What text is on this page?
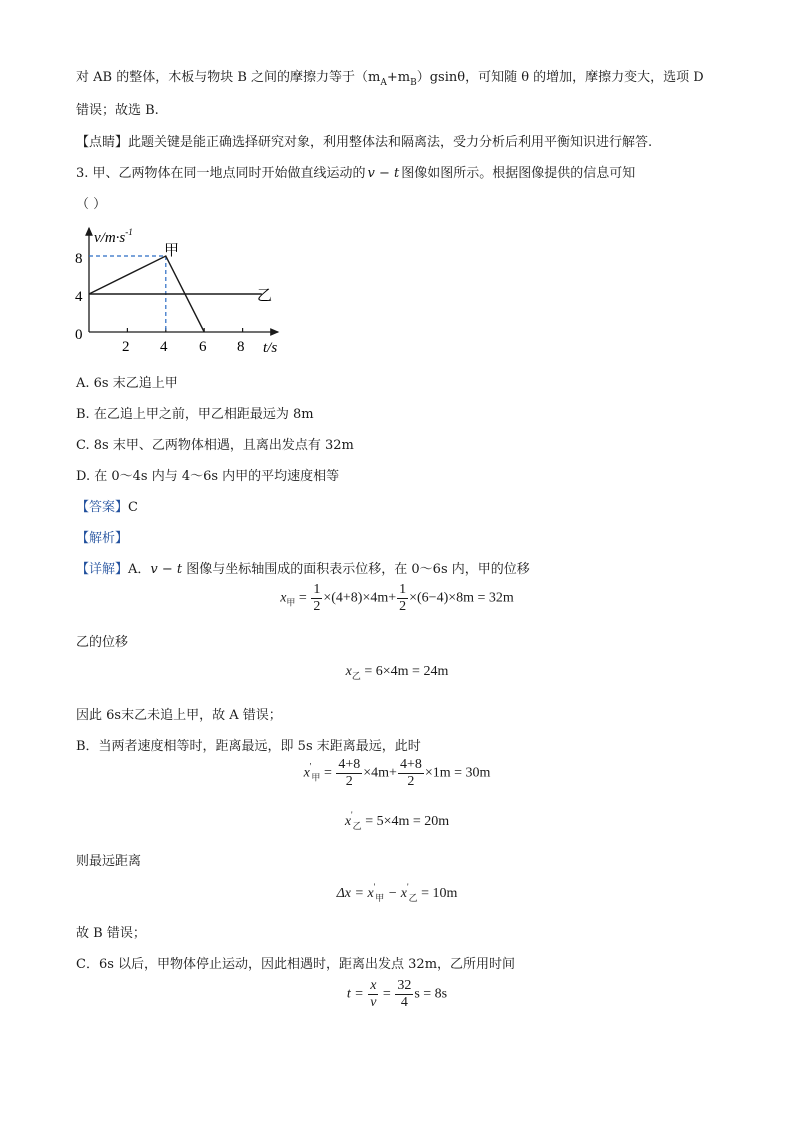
对 AB 的整体，木板与物块 B 之间的摩擦力等于$(m_A+m_B)gsin\theta$，可知随 θ 的增加，摩擦力变大，选项 D
错误；故选 B.
【点睛】此题关键是能正确选择研究对象，利用整体法和隔离法，受力分析后利用平衡知识进行解答.
3. 甲、乙两物体在同一地点同时开始做直线运动的 v − t 图像如图所示。根据图像提供的信息可知
（ ）
$v/m\cdot s^{-1}$
t/s
8
4
0
2 4 6 8
甲
乙
A. 6s 末乙追上甲
B. 在乙追上甲之前，甲乙相距最远为 8m
C. 8s 末甲、乙两物体相遇，且离出发点有 32m
D. 在 0～4s 内与 4～6s 内甲的平均速度相等
【答案】C
【解析】
【详解】A．v − t 图像与坐标轴围成的面积表示位移，在 0～6s 内，甲的位移
$x_甲 = \frac{1}{2} \times(4+8)\times 4m+ \frac{1}{2} \times(6-4)\times 8m = 32m$
乙的位移
$x_乙 = 6\times 4m = 24m$
因此 6s末乙未追上甲，故 A 错误；
B．当两者速度相等时，距离最远，即 5s 末距离最远，此时
$x'_甲 = \frac{4+8}{2} \times 4m+ \frac{4+8}{2} \times 1m = 30m$
$x'_乙 = 5\times 4m = 20m$
则最远距离
$\Delta x = x'_甲 - x'_乙 = 10m$
故 B 错误；
C．6s 以后，甲物体停止运动，因此相遇时，距离出发点 32m，乙所用时间
$t = \frac{x}{v} = \frac{32}{4}$ s = 8s
